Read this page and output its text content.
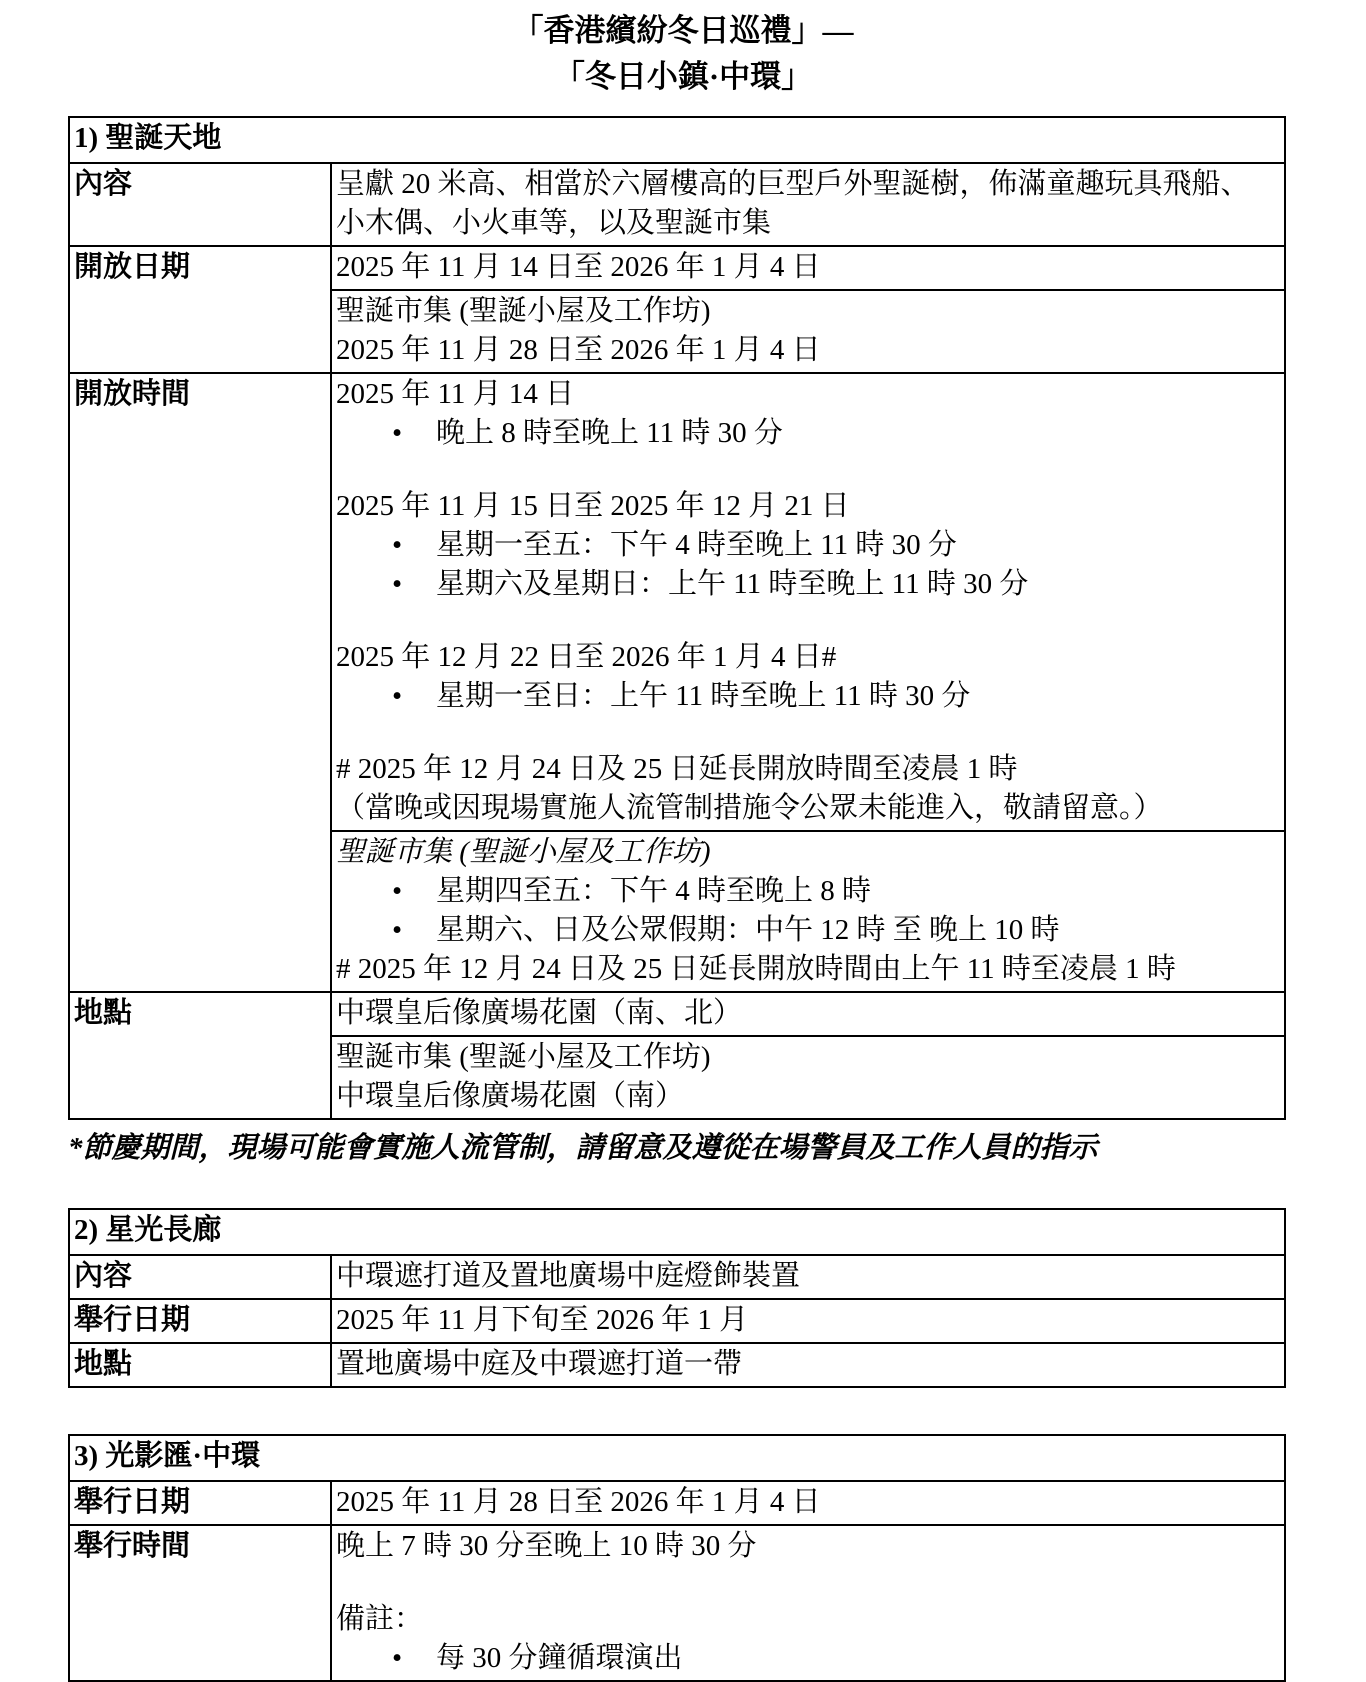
「香港繽紛冬日巡禮」—
「冬日小鎮·中環」
1) 聖誕天地	
內容	呈獻 20 米高、相當於六層樓高的巨型戶外聖誕樹，佈滿童趣玩具飛船、小木偶、小火車等，以及聖誕市集
開放日期	2025 年 11 月 14 日至 2026 年 1 月 4 日

	聖誕市集 (聖誕小屋及工作坊)
2025 年 11 月 28 日至 2026 年 1 月 4 日

開放時間	2025 年 11 月 14 日
• 晚上 8 時至晚上 11 時 30 分
2025 年 11 月 15 日至 2025 年 12 月 21 日
• 星期一至五：下午 4 時至晚上 11 時 30 分
• 星期六及星期日：上午 11 時至晚上 11 時 30 分
2025 年 12 月 22 日至 2026 年 1 月 4 日#
• 星期一至日：上午 11 時至晚上 11 時 30 分
# 2025 年 12 月 24 日及 25 日延長開放時間至凌晨 1 時
（當晚或因現場實施人流管制措施令公眾未能進入，敬請留意。）

	聖誕市集 (聖誕小屋及工作坊)
• 星期四至五：下午 4 時至晚上 8 時
• 星期六、日及公眾假期：中午 12 時 至 晚上 10 時
# 2025 年 12 月 24 日及 25 日延長開放時間由上午 11 時至凌晨 1 時

地點	中環皇后像廣場花園（南、北）

	聖誕市集 (聖誕小屋及工作坊)
中環皇后像廣場花園（南）
*節慶期間，現場可能會實施人流管制，請留意及遵從在場警員及工作人員的指示
2) 星光長廊	
內容	中環遮打道及置地廣場中庭燈飾裝置
舉行日期	2025 年 11 月下旬至 2026 年 1 月
地點	置地廣場中庭及中環遮打道一帶
3) 光影匯·中環	
舉行日期	2025 年 11 月 28 日至 2026 年 1 月 4 日
舉行時間	晚上 7 時 30 分至晚上 10 時 30 分
備註：
• 每 30 分鐘循環演出
